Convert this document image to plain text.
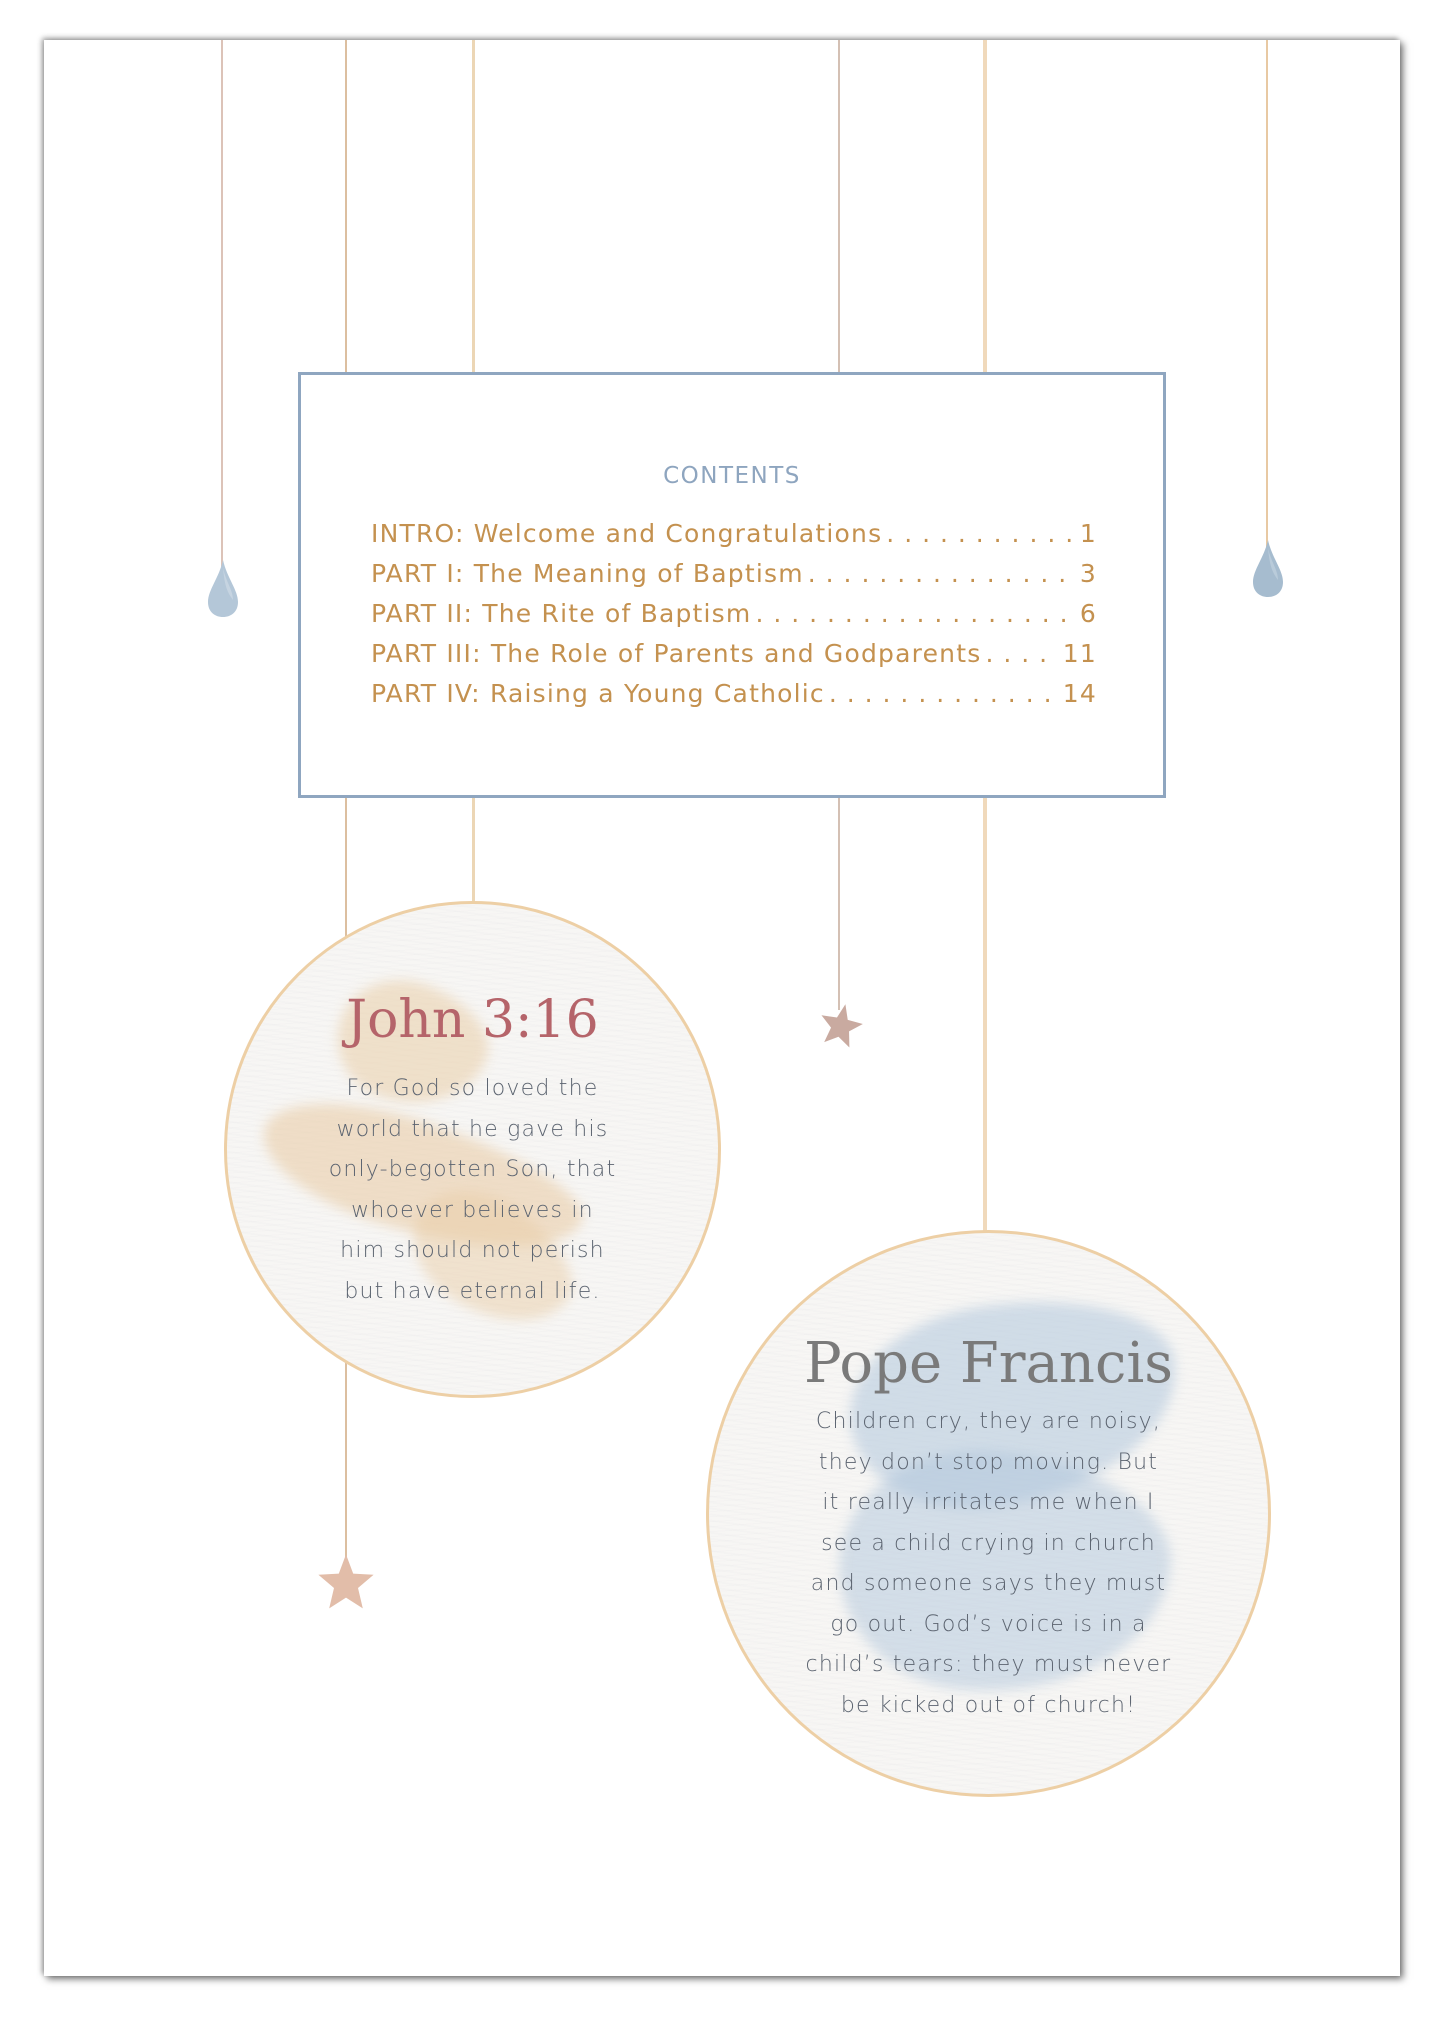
CONTENTS
INTRO: Welcome and Congratulations . . .	1
PART I: The Meaning of Baptism . . .	3
PART II: The Rite of Baptism . . .	6
PART III: The Role of Parents and Godparents . . .	11
PART IV: Raising a Young Catholic . . .	14
John 3:16
For God so loved the
world that he gave his
only-begotten Son, that
whoever believes in
him should not perish
but have eternal life.
Pope Francis
Children cry, they are noisy,
they don’t stop moving. But
it really irritates me when I
see a child crying in church
and someone says they must
go out. God’s voice is in a
child’s tears: they must never
be kicked out of church!
